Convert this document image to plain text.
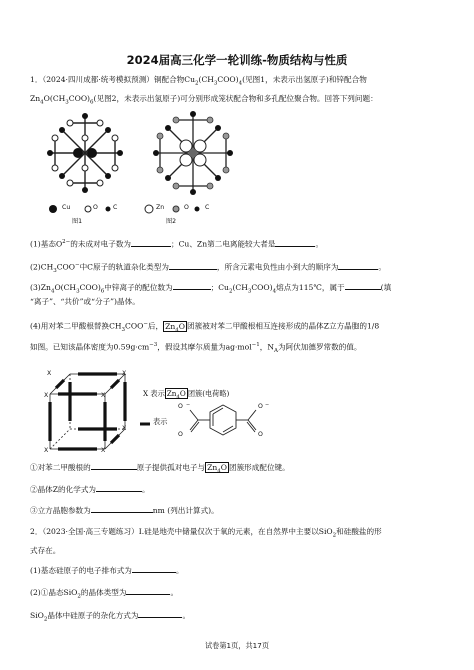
2024届高三化学一轮训练-物质结构与性质
1．（2024·四川成都·统考模拟预测）铜配合物$Cu_2(CH_3COO)_4$(见图1，未表示出氢原子)和锌配合物
$Zn_4O(CH_3COO)_6$(见图2，未表示出氢原子)可分别形成笼状配合物和多孔配位聚合物。回答下列问题：
Cu	O C	Zn	O	C
图1	图2
(1)基态$O^{2-}$的未成对电子数为	；Cu、Zn第二电离能较大者是	。
$(2)CH_3COO^-$中C原子的轨道杂化类型为	，所含元素电负性由小到大的顺序为	。
$(3)Zn_4O(CH_3COO)_6$中锌离子的配位数为	；$Cu_2(CH_3COO)_4$熔点为115℃，属于	(填
“离子”、“共价”或“分子”)晶体。
(4)用对苯二甲酸根替换$CH_3COO^-$后， $Zn_4O$ 团簇被对苯二甲酸根相互连接形成的晶体Z立方晶胞的1/8
如图。已知该晶体密度为$0.59g\cdot cm^{-3}$，假设其摩尔质量为ag·mol$^{-1}$，$N_A$为阿伏加德罗常数的值。
X	X
X	X
X
X	X
X 表示 $Zn_4O$ 团簇(电荷略)
表示
O −
O
O −
O
①对苯二甲酸根的	原子提供孤对电子与 $Zn_4O$ 团簇形成配位键。
②晶体Z的化学式为	。
③立方晶胞参数为	nm (列出计算式)。
2．（2023·全国·高三专题练习）I.硅是地壳中储量仅次于氧的元素，在自然界中主要以SiO$_2$和硅酸盐的形
式存在。
(1)基态硅原子的电子排布式为	。
(2)①晶态SiO$_2$的晶体类型为	。
SiO$_2$晶体中硅原子的杂化方式为	。
试卷第1页，共17页
